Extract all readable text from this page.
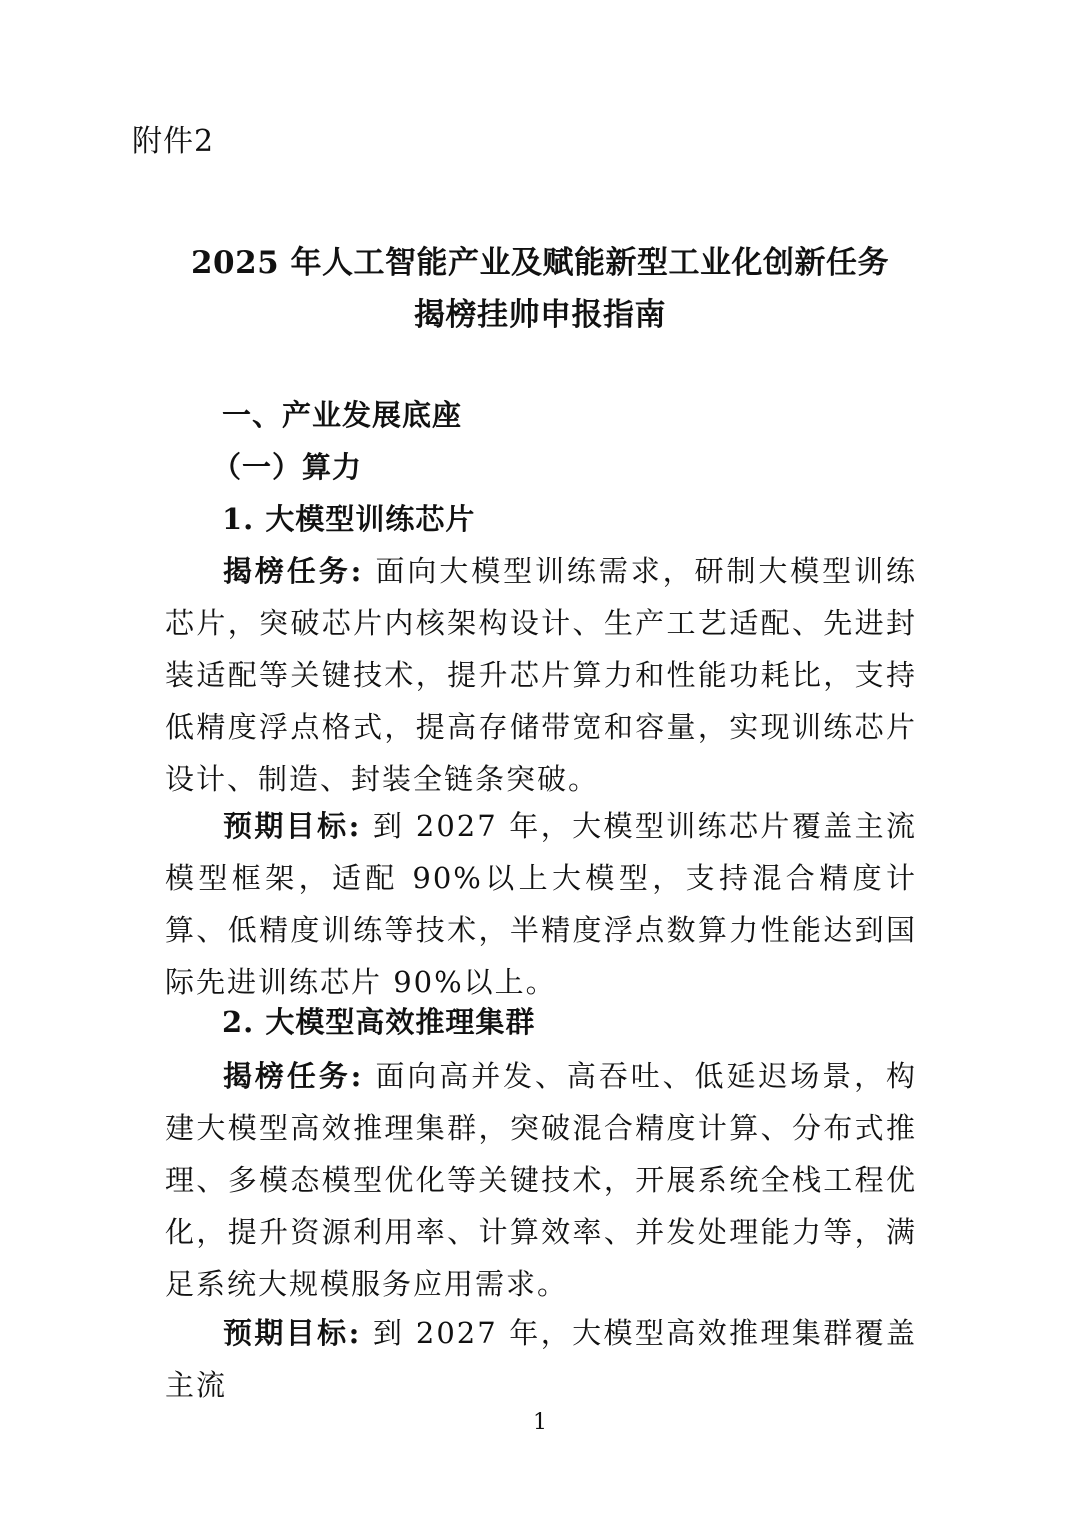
附件2
2025 年人工智能产业及赋能新型工业化创新任务
揭榜挂帅申报指南
一、产业发展底座
（一）算力
1. 大模型训练芯片
揭榜任务: 面向大模型训练需求，研制大模型训练芯片，突破芯片内核架构设计、生产工艺适配、先进封装适配等关键技术，提升芯片算力和性能功耗比，支持低精度浮点格式，提高存储带宽和容量，实现训练芯片设计、制造、封装全链条突破。
预期目标: 到 2027 年，大模型训练芯片覆盖主流模型框架，适配 90%以上大模型，支持混合精度计算、低精度训练等技术，半精度浮点数算力性能达到国际先进训练芯片 90%以上。
2. 大模型高效推理集群
揭榜任务: 面向高并发、高吞吐、低延迟场景，构建大模型高效推理集群，突破混合精度计算、分布式推理、多模态模型优化等关键技术，开展系统全栈工程优化，提升资源利用率、计算效率、并发处理能力等，满足系统大规模服务应用需求。
预期目标: 到 2027 年，大模型高效推理集群覆盖主流
1
